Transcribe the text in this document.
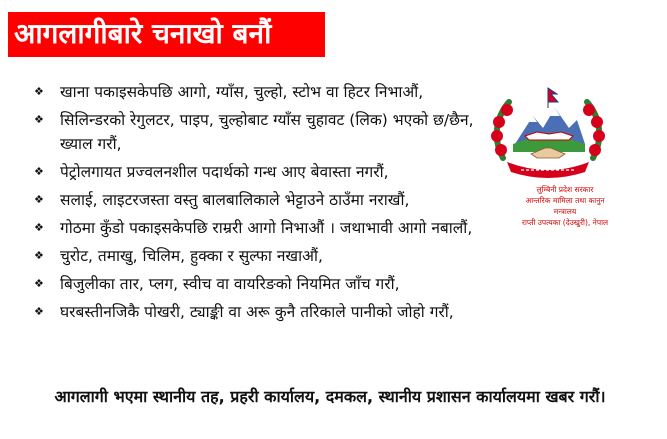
आगलागीबारे चनाखो बनौं
❖ खाना पकाइसकेपछि आगो, ग्याँस, चुल्हो, स्टोभ वा हिटर निभाऔं,
❖ सिलिन्डरको रेगुलटर, पाइप, चुल्होबाट ग्याँस चुहावट (लिक) भएको छ/छैन, ख्याल गरौं,
❖ पेट्रोलगायत प्रज्वलनशील पदार्थको गन्ध आए बेवास्ता नगरौं,
❖ सलाई, लाइटरजस्ता वस्तु बालबालिकाले भेट्टाउने ठाउँमा नराखौं,
❖ गोठमा कुँडो पकाइसकेपछि राम्ररी आगो निभाऔं । जथाभावी आगो नबालौं,
❖ चुरोट, तमाखु, चिलिम, हुक्का र सुल्फा नखाऔं,
❖ बिजुलीका तार, प्लग, स्वीच वा वायरिङको नियमित जाँच गरौं,
❖ घरबस्तीनजिकै पोखरी, ट्याङ्की वा अरू कुनै तरिकाले पानीको जोहो गरौं,
लुम्बिनी प्रदेश सरकार
आन्तरिक मामिला तथा कानुन
मन्त्रालय
राप्ती उपत्यका (देउखुरी), नेपाल
आगलागी भएमा स्थानीय तह, प्रहरी कार्यालय, दमकल, स्थानीय प्रशासन कार्यालयमा खबर गरौं।
